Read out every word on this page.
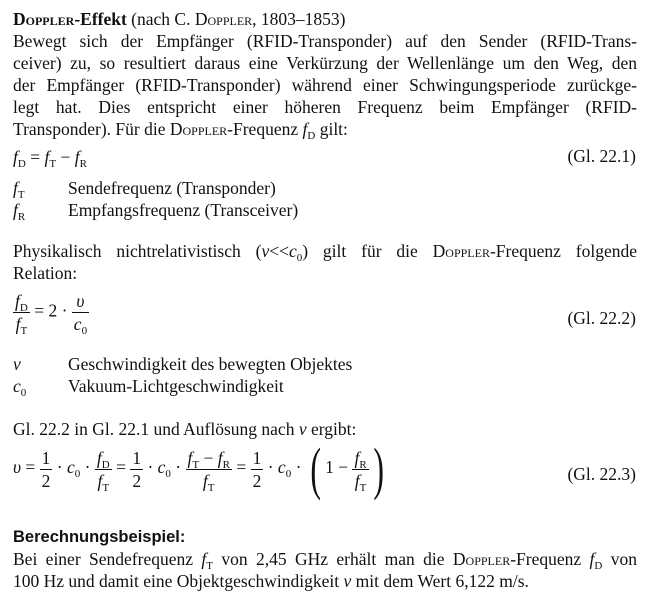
Doppler-Effekt (nach C. Doppler, 1803–1853)

Bewegt sich der Empfänger (RFID-Transponder) auf den Sender (RFID-Trans-

ceiver) zu, so resultiert daraus eine Verkürzung der Wellenlänge um den Weg, den

der Empfänger (RFID-Transponder) während einer Schwingungsperiode zurückge-

legt hat. Dies entspricht einer höheren Frequenz beim Empfänger (RFID-

Transponder). Für die Doppler-Frequenz $f_D$ gilt:

$f_D = f_T - f_R$	(Gl. 22.1)
$f_T$ Sendefrequenz (Transponder)
$f_R$ Empfangsfrequenz (Transceiver)

Physikalisch nichtrelativistisch $(v<<c_0)$ gilt für die Doppler-Frequenz folgende

Relation:

$\frac{f_D}{f_T} = 2 \cdot \frac{\upsilon}{c_0}$	(Gl. 22.2)
v	Geschwindigkeit des bewegten Objektes
$c_0$ Vakuum-Lichtgeschwindigkeit
Gl. 22.2 in Gl. 22.1 und Auflösung nach v ergibt:
$\upsilon = \frac{1}{2} \cdot c_0 \cdot \frac{f_D}{f_T} = \frac{1}{2} \cdot c_0 \cdot \frac{f_T - f_R}{f_T} = \frac{1}{2} \cdot c_0$ · ( $1 - \frac{f_R}{f_T}$ )	(Gl. 22.3)
Berechnungsbeispiel:

Bei einer Sendefrequenz $f_T$ von 2,45 GHz erhält man die Doppler-Frequenz $f_D$ von

100 Hz und damit eine Objektgeschwindigkeit v mit dem Wert 6,122 m/s.
